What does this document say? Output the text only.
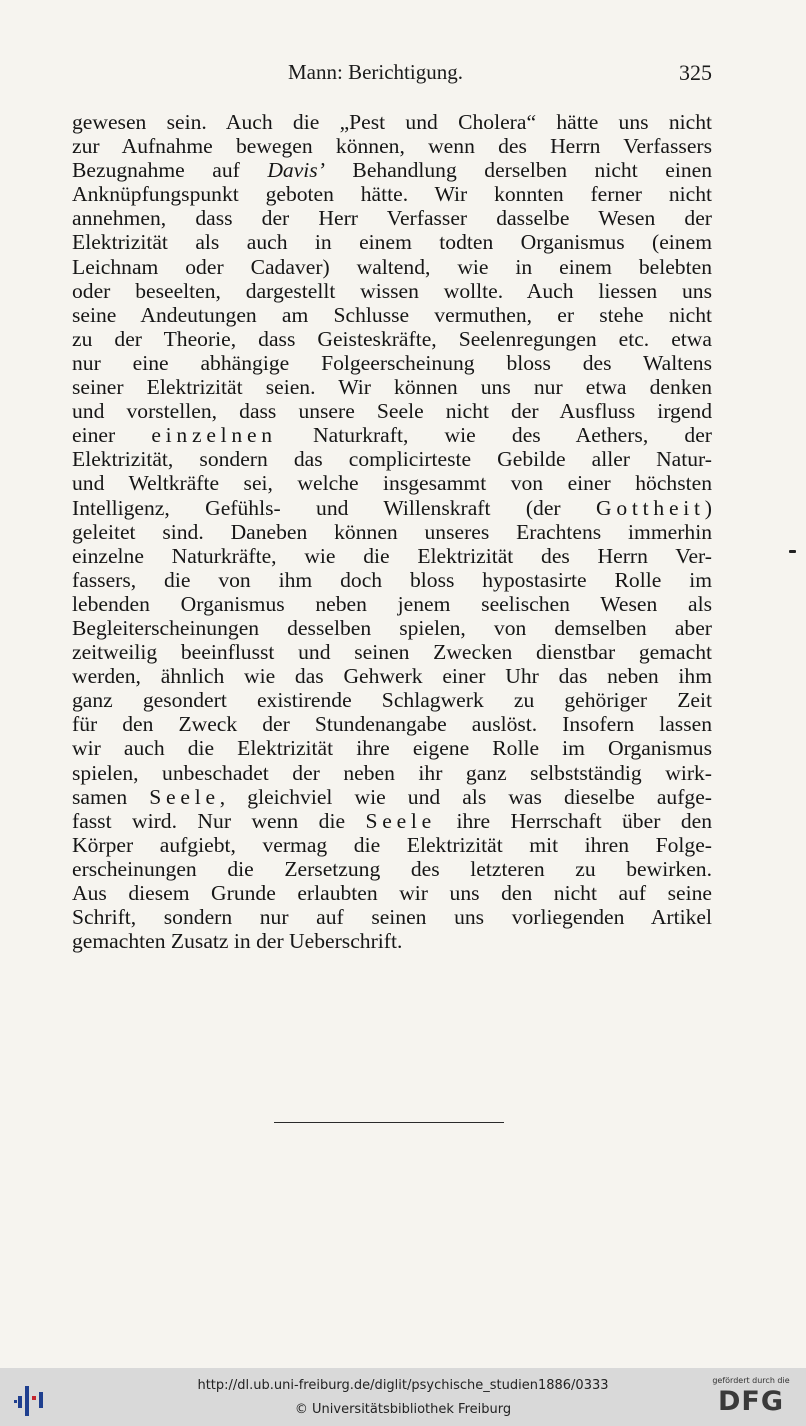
Mann: Berichtigung.	325
gewesen sein. Auch die „Pest und Cholera“ hätte uns nicht
zur Aufnahme bewegen können, wenn des Herrn Verfassers
Bezugnahme auf Davis’ Behandlung derselben nicht einen
Anknüpfungspunkt geboten hätte. Wir konnten ferner nicht
annehmen, dass der Herr Verfasser dasselbe Wesen der
Elektrizität als auch in einem todten Organismus (einem
Leichnam oder Cadaver) waltend, wie in einem belebten
oder beseelten, dargestellt wissen wollte. Auch liessen uns
seine Andeutungen am Schlusse vermuthen, er stehe nicht
zu der Theorie, dass Geisteskräfte, Seelenregungen etc. etwa
nur eine abhängige Folgeerscheinung bloss des Waltens
seiner Elektrizität seien. Wir können uns nur etwa denken
und vorstellen, dass unsere Seele nicht der Ausfluss irgend
einer einzelnen Naturkraft, wie des Aethers, der
Elektrizität, sondern das complicirteste Gebilde aller Natur-
und Weltkräfte sei, welche insgesammt von einer höchsten
Intelligenz, Gefühls- und Willenskraft (der Gottheit)
geleitet sind. Daneben können unseres Erachtens immerhin
einzelne Naturkräfte, wie die Elektrizität des Herrn Ver-
fassers, die von ihm doch bloss hypostasirte Rolle im
lebenden Organismus neben jenem seelischen Wesen als
Begleiterscheinungen desselben spielen, von demselben aber
zeitweilig beeinflusst und seinen Zwecken dienstbar gemacht
werden, ähnlich wie das Gehwerk einer Uhr das neben ihm
ganz gesondert existirende Schlagwerk zu gehöriger Zeit
für den Zweck der Stundenangabe auslöst. Insofern lassen
wir auch die Elektrizität ihre eigene Rolle im Organismus
spielen, unbeschadet der neben ihr ganz selbstständig wirk-
samen Seele, gleichviel wie und als was dieselbe aufge-
fasst wird. Nur wenn die Seele ihre Herrschaft über den
Körper aufgiebt, vermag die Elektrizität mit ihren Folge-
erscheinungen die Zersetzung des letzteren zu bewirken.
Aus diesem Grunde erlaubten wir uns den nicht auf seine
Schrift, sondern nur auf seinen uns vorliegenden Artikel
gemachten Zusatz in der Ueberschrift.
http://dl.ub.uni-freiburg.de/diglit/psychische_studien1886/0333
© Universitätsbibliothek Freiburg
gefördert durch die
DFG
